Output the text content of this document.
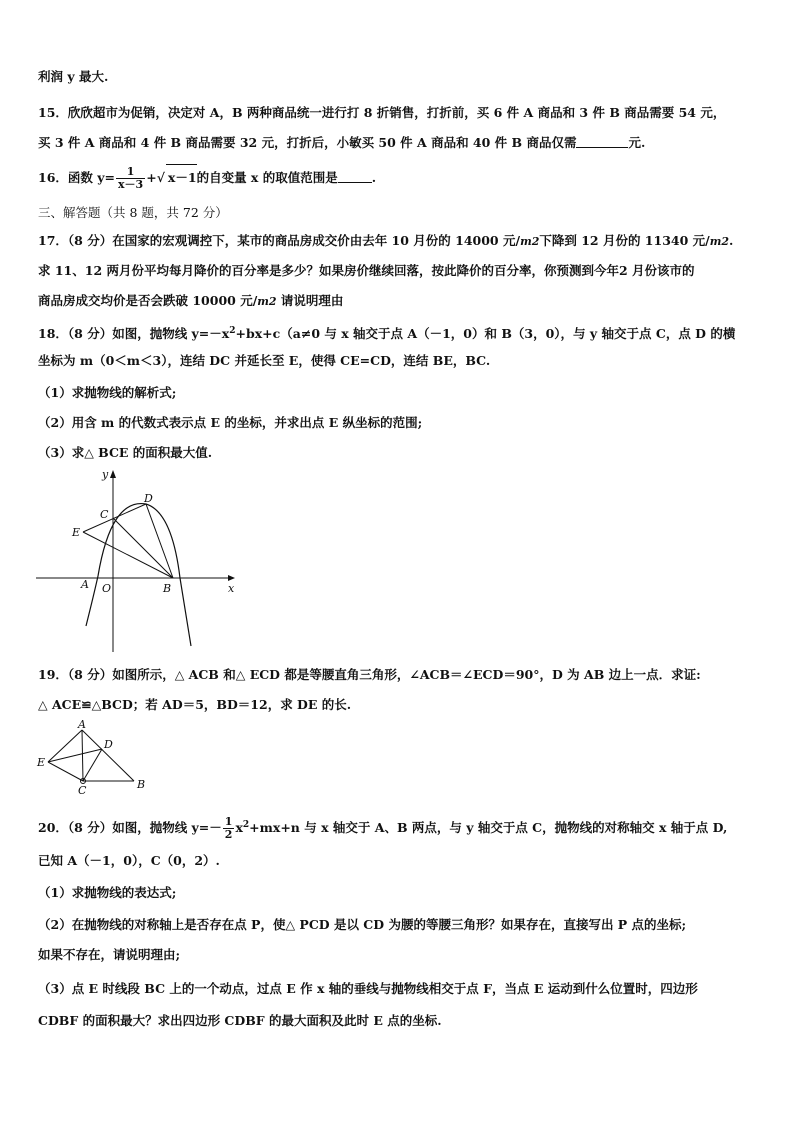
利润 y 最大.
15．欣欣超市为促销，决定对 A，B 两种商品统一进行打 8 折销售，打折前，买 6 件 A 商品和 3 件 B 商品需要 54 元，
买 3 件 A 商品和 4 件 B 商品需要 32 元，打折后，小敏买 50 件 A 商品和 40 件 B 商品仅需	元.
16．函数 $y= \frac{1}{x-3}$ +√ x－1的自变量 x 的取值范围是	.
三、解答题（共 8 题，共 72 分）
17．（8 分）在国家的宏观调控下，某市的商品房成交价由去年 10 月份的 14000 元/m2下降到 12 月份的 11340 元/m2.
求 11、12 两月份平均每月降价的百分率是多少？如果房价继续回落，按此降价的百分率，你预测到今年2 月份该市的
商品房成交均价是否会跌破 10000 元/m2 请说明理由
18．（8 分）如图，抛物线 $y=-x^2+bx+c(a\ne 0$ 与 x 轴交于点 A（－1，0）和 B（3，0），与 y 轴交于点 C，点 D 的横
坐标为 m（0＜m＜3），连结 DC 并延长至 E，使得 CE=CD，连结 BE，BC.
（1）求抛物线的解析式;
（2）用含 m 的代数式表示点 E 的坐标，并求出点 E 纵坐标的范围;
（3）求△ BCE 的面积最大值.
y
x
D
C
E
A O	B
19．（8 分）如图所示，△ ACB 和△ ECD 都是等腰直角三角形，∠ACB＝∠ECD＝90°，D 为 AB 边上一点．求证:
△ ACE≌△BCD；若 AD＝5，BD＝12，求 DE 的长.
A
D
E
C	B
20．（8 分）如图，抛物线 $y=- \frac{1}{2} x^2+mx+n$ 与 x 轴交于 A、B 两点，与 y 轴交于点 C，抛物线的对称轴交 x 轴于点 D,
已知 A（－1，0），C（0，2）.
（1）求抛物线的表达式;
（2）在抛物线的对称轴上是否存在点 P，使△ PCD 是以 CD 为腰的等腰三角形？如果存在，直接写出 P 点的坐标;
如果不存在，请说明理由;
（3）点 E 时线段 BC 上的一个动点，过点 E 作 x 轴的垂线与抛物线相交于点 F，当点 E 运动到什么位置时，四边形
CDBF 的面积最大？求出四边形 CDBF 的最大面积及此时 E 点的坐标.
